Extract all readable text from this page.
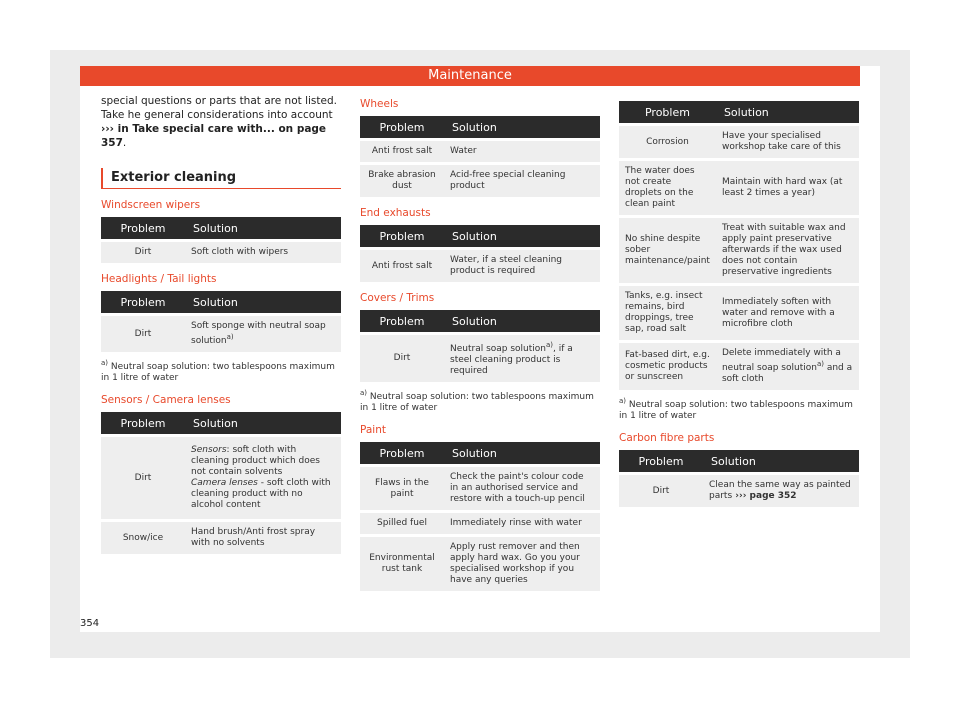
Maintenance

special questions or parts that are not listed. Take he general considerations into account ››› in Take special care with... on page 357.

Exterior cleaning
Windscreen wipers
Problem	Solution
Dirt	Soft cloth with wipers
Headlights / Tail lights
Problem	Solution
Dirt	Soft sponge with neutral soap solution$^{a)}$

$^{a)}$ Neutral soap solution: two tablespoons maximum in 1 litre of water

Sensors / Camera lenses
Problem	Solution
Dirt	Sensors: soft cloth with cleaning product which does not contain solvents
Camera lenses - soft cloth with cleaning product with no alcohol content
Snow/ice	Hand brush/Anti frost spray with no solvents
Wheels
Problem	Solution
Anti frost salt	Water
Brake abrasion dust	Acid-free special cleaning product
End exhausts
Problem	Solution
Anti frost salt	Water, if a steel cleaning product is required
Covers / Trims
Problem	Solution
Dirt	Neutral soap solution$^{a)}$, if a steel cleaning product is required

$^{a)}$ Neutral soap solution: two tablespoons maximum in 1 litre of water

Paint
Problem	Solution
Flaws in the paint	Check the paint's colour code in an authorised service and restore with a touch-up pencil
Spilled fuel	Immediately rinse with water
Environmental rust tank	Apply rust remover and then apply hard wax. Go you your specialised workshop if you have any queries
Problem	Solution
Corrosion	Have your specialised workshop take care of this
The water does not create droplets on the clean paint	Maintain with hard wax (at least 2 times a year)
No shine despite sober maintenance/paint	Treat with suitable wax and apply paint preservative afterwards if the wax used does not contain preservative ingredients
Tanks, e.g. insect remains, bird droppings, tree sap, road salt	Immediately soften with water and remove with a microfibre cloth
Fat-based dirt, e.g. cosmetic products or sunscreen	Delete immediately with a neutral soap solution$^{a)}$ and a soft cloth

$^{a)}$ Neutral soap solution: two tablespoons maximum in 1 litre of water

Carbon fibre parts
Problem	Solution
Dirt	Clean the same way as painted parts ››› page 352
354
